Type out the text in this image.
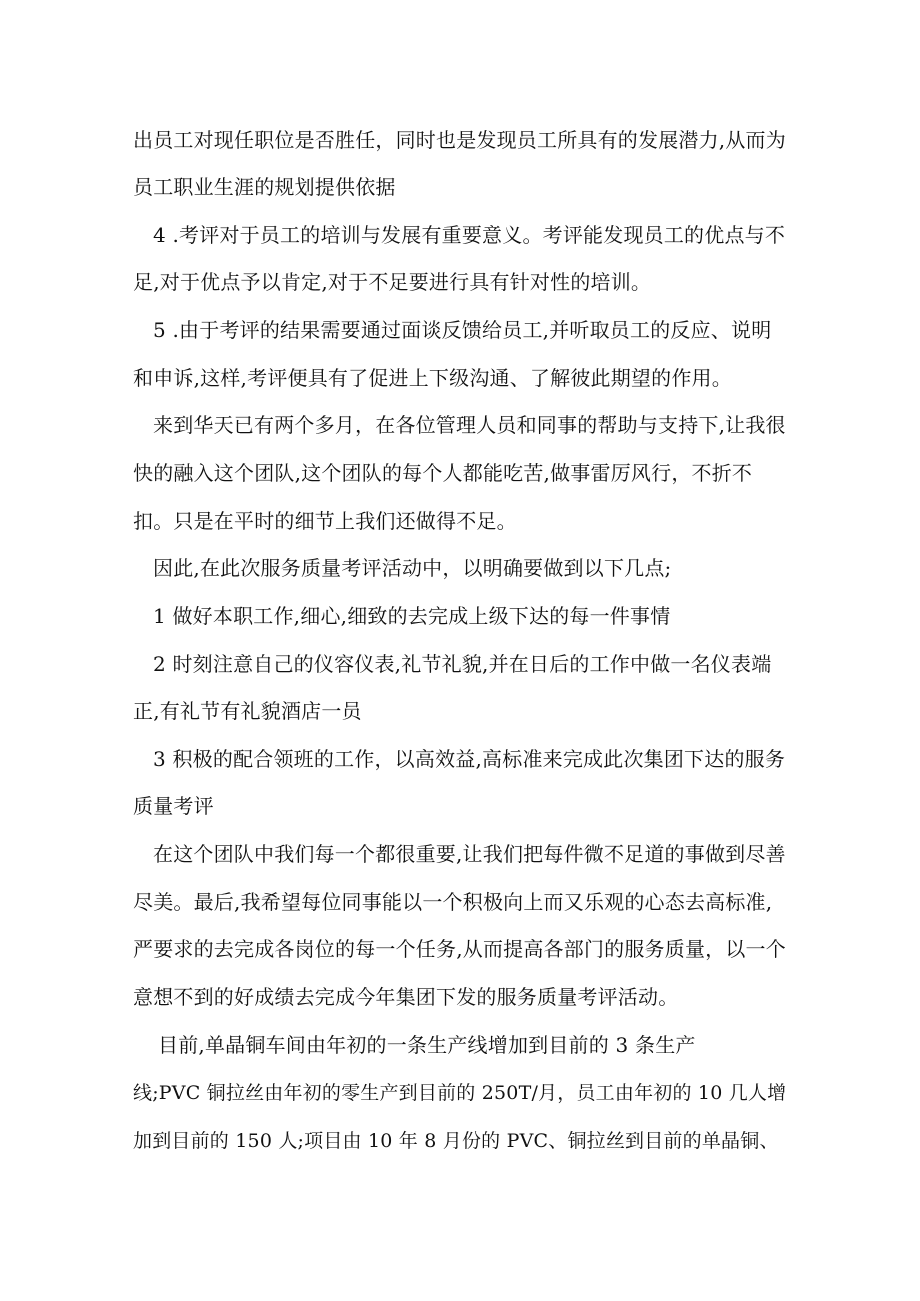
出员工对现任职位是否胜任，同时也是发现员工所具有的发展潜力,从而为
员工职业生涯的规划提供依据
4 .考评对于员工的培训与发展有重要意义。考评能发现员工的优点与不
足,对于优点予以肯定,对于不足要进行具有针对性的培训。
5 .由于考评的结果需要通过面谈反馈给员工,并听取员工的反应、说明
和申诉,这样,考评便具有了促进上下级沟通、了解彼此期望的作用。
来到华天已有两个多月，在各位管理人员和同事的帮助与支持下,让我很
快的融入这个团队,这个团队的每个人都能吃苦,做事雷厉风行，不折不
扣。只是在平时的细节上我们还做得不足。
因此,在此次服务质量考评活动中，以明确要做到以下几点;
1 做好本职工作,细心,细致的去完成上级下达的每一件事情
2 时刻注意自己的仪容仪表,礼节礼貌,并在日后的工作中做一名仪表端
正,有礼节有礼貌酒店一员
3 积极的配合领班的工作，以高效益,高标准来完成此次集团下达的服务
质量考评
在这个团队中我们每一个都很重要,让我们把每件微不足道的事做到尽善
尽美。最后,我希望每位同事能以一个积极向上而又乐观的心态去高标准,
严要求的去完成各岗位的每一个任务,从而提高各部门的服务质量，以一个
意想不到的好成绩去完成今年集团下发的服务质量考评活动。
目前,单晶铜车间由年初的一条生产线增加到目前的 3 条生产
线;PVC 铜拉丝由年初的零生产到目前的 250T/月，员工由年初的 10 几人增
加到目前的 150 人;项目由 10 年 8 月份的 PVC、铜拉丝到目前的单晶铜、
